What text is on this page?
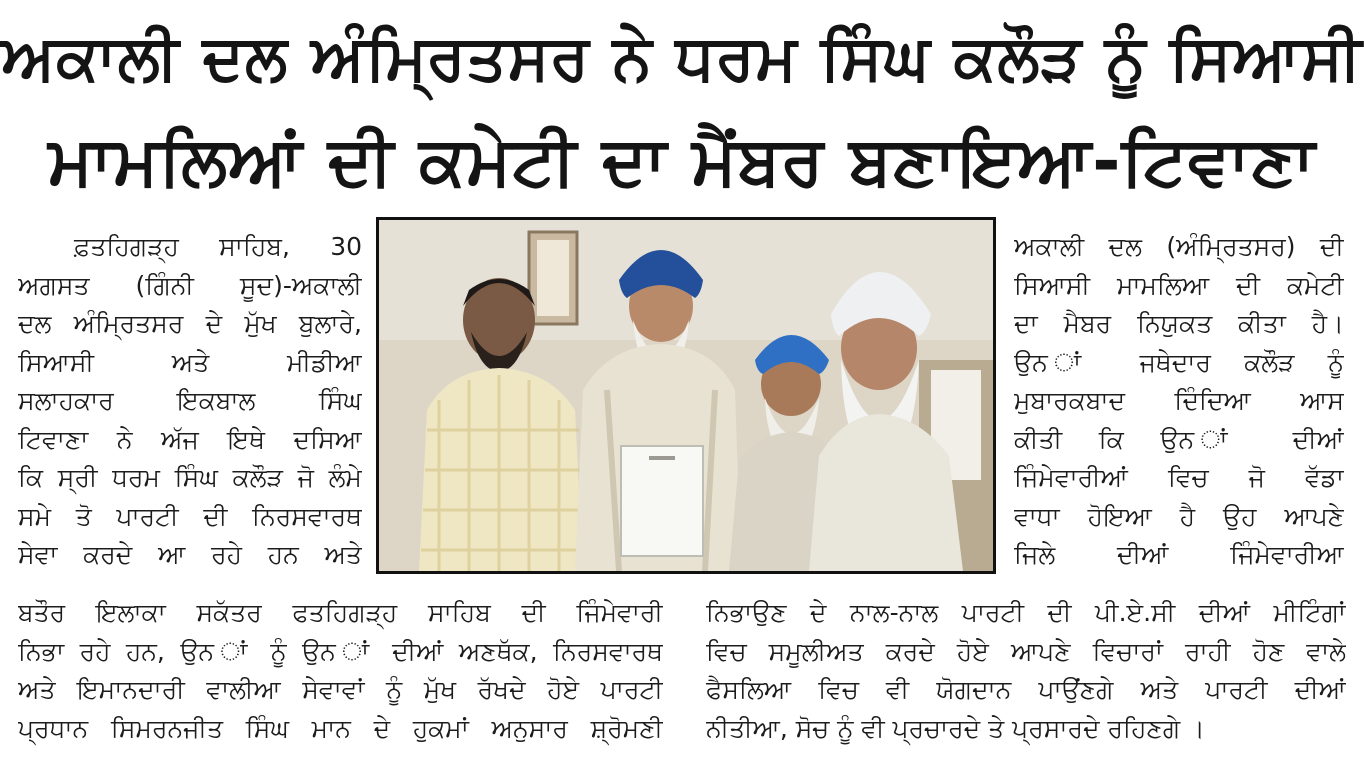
ਅਕਾਲੀ ਦਲ ਅੰਮ੍ਰਿਤਸਰ ਨੇ ਧਰਮ ਸਿੰਘ ਕਲੌੜ ਨੂੰ ਸਿਆਸੀ
ਮਾਮਲਿਆਂ ਦੀ ਕਮੇਟੀ ਦਾ ਮੈਂਬਰ ਬਣਾਇਆ-ਟਿਵਾਣਾ
ਫ਼ਤਹਿਗੜ੍ਹ ਸਾਹਿਬ, 30
ਅਗਸਤ (ਗਿੰਨੀ ਸੂਦ)-ਅਕਾਲੀ
ਦਲ ਅੰਮ੍ਰਿਤਸਰ ਦੇ ਮੁੱਖ ਬੁਲਾਰੇ,
ਸਿਆਸੀ ਅਤੇ ਮੀਡੀਆ
ਸਲਾਹਕਾਰ ਇਕਬਾਲ ਸਿੰਘ
ਟਿਵਾਣਾ ਨੇ ਅੱਜ ਇਥੇ ਦਸਿਆ
ਕਿ ਸ੍ਰੀ ਧਰਮ ਸਿੰਘ ਕਲੌੜ ਜੋ ਲੰਮੇ
ਸਮੇ ਤੋ ਪਾਰਟੀ ਦੀ ਨਿਰਸਵਾਰਥ
ਸੇਵਾ ਕਰਦੇ ਆ ਰਹੇ ਹਨ ਅਤੇ
ਅਕਾਲੀ ਦਲ (ਅੰਮ੍ਰਿਤਸਰ) ਦੀ
ਸਿਆਸੀ ਮਾਮਲਿਆ ਦੀ ਕਮੇਟੀ
ਦਾ ਮੈਬਰ ਨਿਯੁਕਤ ਕੀਤਾ ਹੈ।
ਉਨ ਾਂ ਜਥੇਦਾਰ ਕਲੌੜ ਨੂੰ
ਮੁਬਾਰਕਬਾਦ ਦਿੰਦਿਆ ਆਸ
ਕੀਤੀ ਕਿ ਉਨ ਾਂ ਦੀਆਂ
ਜਿੰਮੇਵਾਰੀਆਂ ਵਿਚ ਜੋ ਵੱਡਾ
ਵਾਧਾ ਹੋਇਆ ਹੈ ਉਹ ਆਪਣੇ
ਜਿਲੇ ਦੀਆਂ ਜਿੰਮੇਵਾਰੀਆ
ਬਤੌਰ ਇਲਾਕਾ ਸਕੱਤਰ ਫਤਹਿਗੜ੍ਹ ਸਾਹਿਬ ਦੀ ਜਿੰਮੇਵਾਰੀ
ਨਿਭਾ ਰਹੇ ਹਨ, ਉਨ ਾਂ ਨੂੰ ਉਨ ਾਂ ਦੀਆਂ ਅਣਥੱਕ, ਨਿਰਸਵਾਰਥ
ਅਤੇ ਇਮਾਨਦਾਰੀ ਵਾਲੀਆ ਸੇਵਾਵਾਂ ਨੂੰ ਮੁੱਖ ਰੱਖਦੇ ਹੋਏ ਪਾਰਟੀ
ਪ੍ਰਧਾਨ ਸਿਮਰਨਜੀਤ ਸਿੰਘ ਮਾਨ ਦੇ ਹੁਕਮਾਂ ਅਨੁਸਾਰ ਸ਼੍ਰੋਮਣੀ
ਨਿਭਾਉਣ ਦੇ ਨਾਲ-ਨਾਲ ਪਾਰਟੀ ਦੀ ਪੀ.ਏ.ਸੀ ਦੀਆਂ ਮੀਟਿੰਗਾਂ
ਵਿਚ ਸਮੂਲੀਅਤ ਕਰਦੇ ਹੋਏ ਆਪਣੇ ਵਿਚਾਰਾਂ ਰਾਹੀ ਹੋਣ ਵਾਲੇ
ਫੈਸਲਿਆ ਵਿਚ ਵੀ ਯੋਗਦਾਨ ਪਾਉਂਣਗੇ ਅਤੇ ਪਾਰਟੀ ਦੀਆਂ
ਨੀਤੀਆ, ਸੋਚ ਨੂੰ ਵੀ ਪ੍ਰਚਾਰਦੇ ਤੇ ਪ੍ਰਸਾਰਦੇ ਰਹਿਣਗੇ ।
